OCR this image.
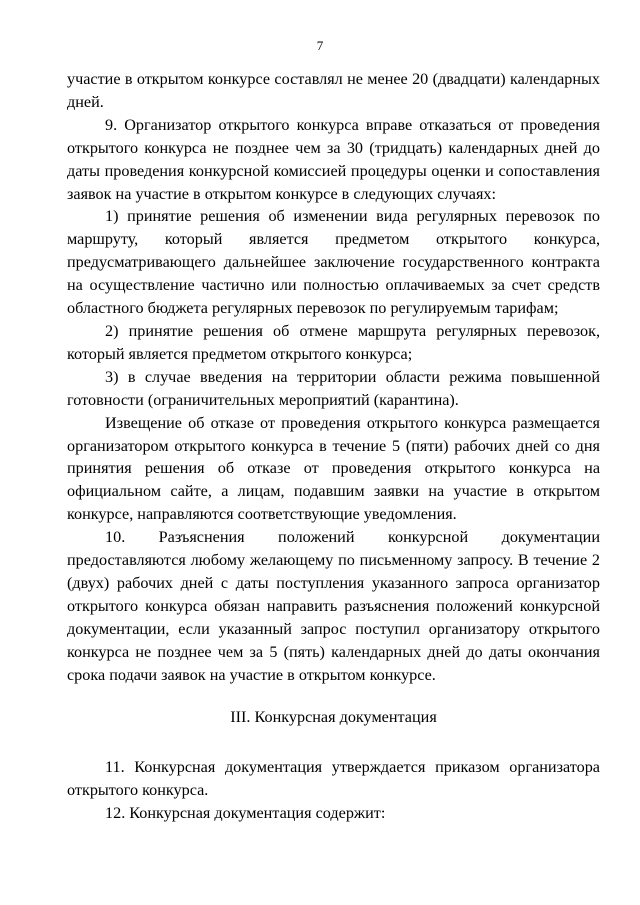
7

участие в открытом конкурсе составлял не менее 20 (двадцати) календарных дней.

9. Организатор открытого конкурса вправе отказаться от проведения открытого конкурса не позднее чем за 30 (тридцать) календарных дней до даты проведения конкурсной комиссией процедуры оценки и сопоставления заявок на участие в открытом конкурсе в следующих случаях:

1) принятие решения об изменении вида регулярных перевозок по маршруту, который является предметом открытого конкурса, предусматривающего дальнейшее заключение государственного контракта на осуществление частично или полностью оплачиваемых за счет средств областного бюджета регулярных перевозок по регулируемым тарифам;

2) принятие решения об отмене маршрута регулярных перевозок, который является предметом открытого конкурса;

3) в случае введения на территории области режима повышенной готовности (ограничительных мероприятий (карантина).

Извещение об отказе от проведения открытого конкурса размещается организатором открытого конкурса в течение 5 (пяти) рабочих дней со дня принятия решения об отказе от проведения открытого конкурса на официальном сайте, а лицам, подавшим заявки на участие в открытом конкурсе, направляются соответствующие уведомления.

10. Разъяснения положений конкурсной документации предоставляются любому желающему по письменному запросу. В течение 2 (двух) рабочих дней с даты поступления указанного запроса организатор открытого конкурса обязан направить разъяснения положений конкурсной документации, если указанный запрос поступил организатору открытого конкурса не позднее чем за 5 (пять) календарных дней до даты окончания срока подачи заявок на участие в открытом конкурсе.

III. Конкурсная документация

11. Конкурсная документация утверждается приказом организатора открытого конкурса.

12. Конкурсная документация содержит:
